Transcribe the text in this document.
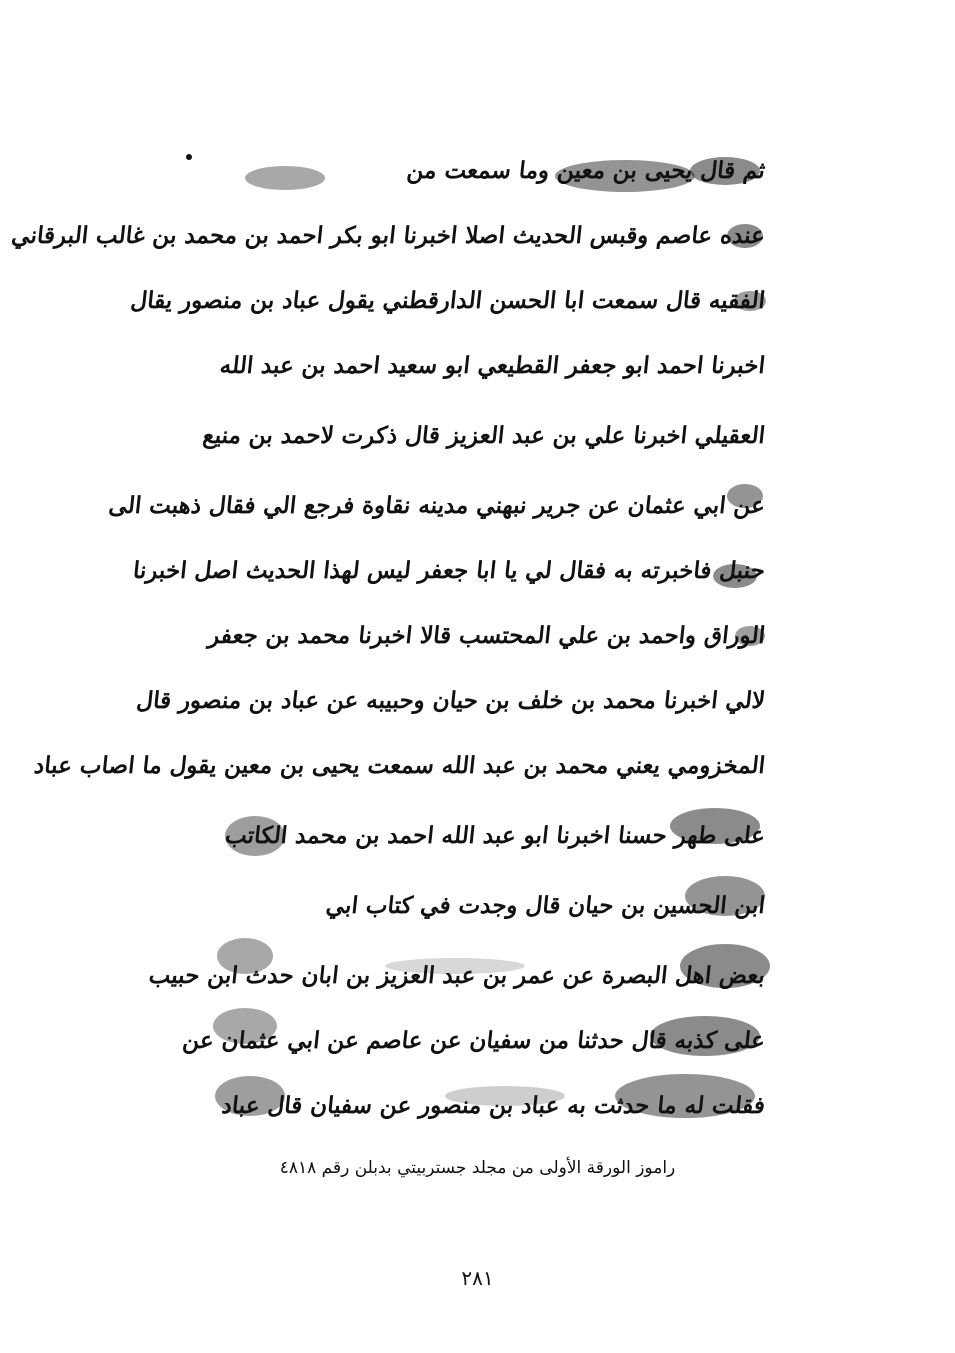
ثم قال يحيى بن معين وما سمعت من
عنده عاصم وقبس الحديث اصلا اخبرنا ابو بكر احمد بن محمد بن غالب البرقاني
الفقيه قال سمعت ابا الحسن الدارقطني يقول عباد بن منصور يقال
اخبرنا احمد ابو جعفر القطيعي ابو سعيد احمد بن عبد الله
العقيلي اخبرنا علي بن عبد العزيز قال ذكرت لاحمد بن منيع
عن ابي عثمان عن جرير نبهني مدينه نقاوة فرجع الي فقال ذهبت الى
حنبل فاخبرته به فقال لي يا ابا جعفر ليس لهذا الحديث اصل اخبرنا
الوراق واحمد بن علي المحتسب قالا اخبرنا محمد بن جعفر
لالي اخبرنا محمد بن خلف بن حيان وحبيبه عن عباد بن منصور قال
المخزومي يعني محمد بن عبد الله سمعت يحيى بن معين يقول ما اصاب عباد
على طهر حسنا اخبرنا ابو عبد الله احمد بن محمد الكاتب
ابن الحسين بن حيان قال وجدت في كتاب ابي
بعض اهل البصرة عن عمر بن عبد العزيز بن ابان حدث ابن حبيب
على كذبه قال حدثنا من سفيان عن عاصم عن ابي عثمان عن
فقلت له ما حدثت به عباد بن منصور عن سفيان قال عباد
راموز الورقة الأولى من مجلد جستربيتي بدبلن رقم ٤٨١٨
٢٨١
